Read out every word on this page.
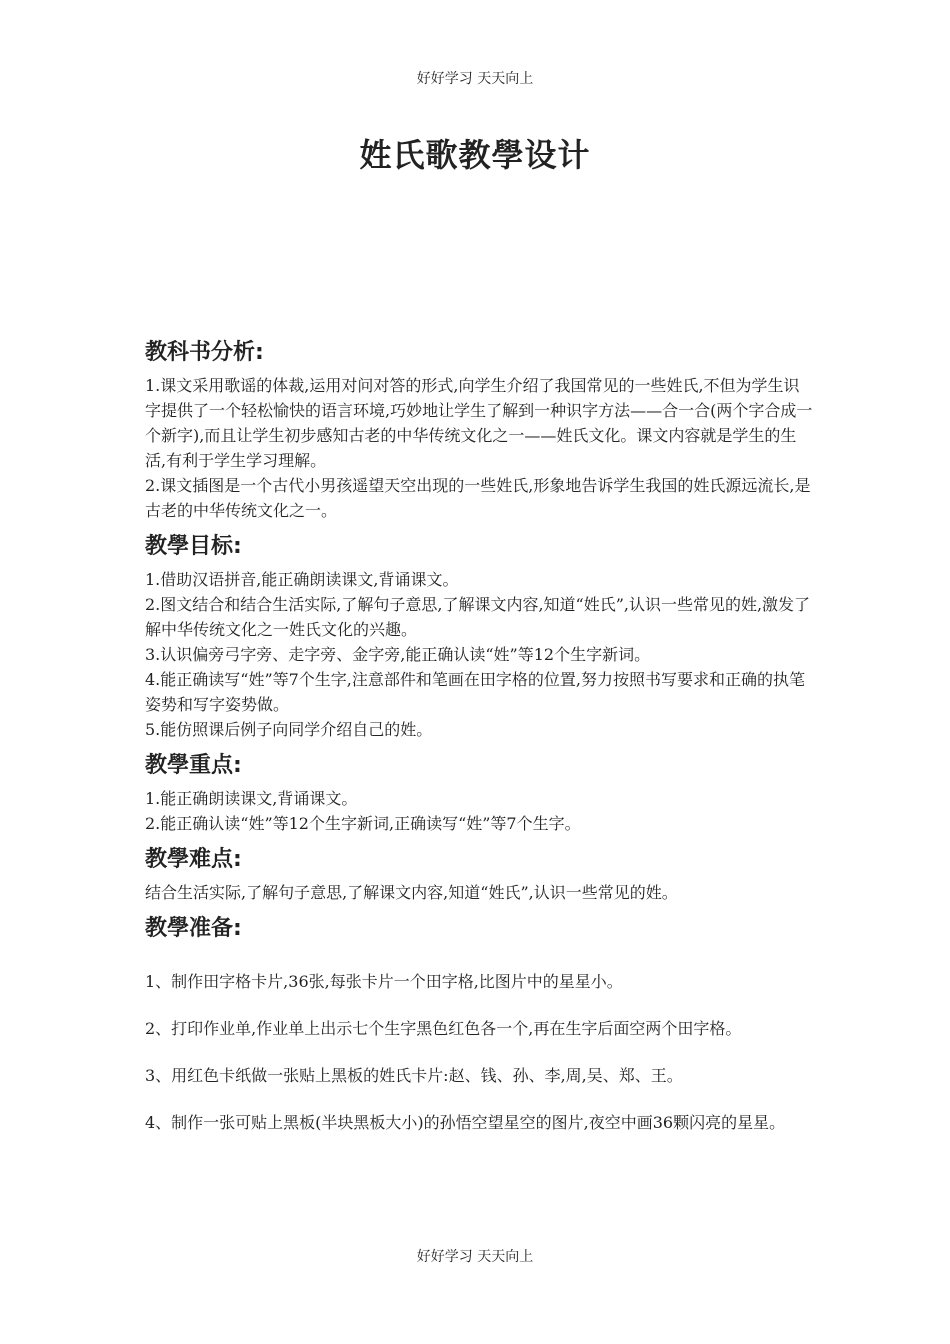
好好学习 天天向上
姓氏歌教學设计
教科书分析:

1.课文采用歌谣的体裁,运用对问对答的形式,向学生介绍了我国常见的一些姓氏,不但为学生识字提供了一个轻松愉快的语言环境,巧妙地让学生了解到一种识字方法——合一合(两个字合成一个新字),而且让学生初步感知古老的中华传统文化之一——姓氏文化。课文内容就是学生的生活,有利于学生学习理解。

2.课文插图是一个古代小男孩遥望天空出现的一些姓氏,形象地告诉学生我国的姓氏源远流长,是古老的中华传统文化之一。

教學目标:

1.借助汉语拼音,能正确朗读课文,背诵课文。

2.图文结合和结合生活实际,了解句子意思,了解课文内容,知道“姓氏”,认识一些常见的姓,激发了解中华传统文化之一姓氏文化的兴趣。

3.认识偏旁弓字旁、走字旁、金字旁,能正确认读“姓”等12个生字新词。

4.能正确读写“姓”等7个生字,注意部件和笔画在田字格的位置,努力按照书写要求和正确的执笔姿势和写字姿势做。

5.能仿照课后例子向同学介绍自己的姓。

教學重点:

1.能正确朗读课文,背诵课文。

2.能正确认读“姓”等12个生字新词,正确读写“姓”等7个生字。

教學难点:

结合生活实际,了解句子意思,了解课文内容,知道“姓氏”,认识一些常见的姓。

教學准备:

1、制作田字格卡片,36张,每张卡片一个田字格,比图片中的星星小。

2、打印作业单,作业单上出示七个生字黑色红色各一个,再在生字后面空两个田字格。

3、用红色卡纸做一张贴上黑板的姓氏卡片:赵、钱、孙、李,周,吴、郑、王。

4、制作一张可贴上黑板(半块黑板大小)的孙悟空望星空的图片,夜空中画36颗闪亮的星星。

好好学习 天天向上
